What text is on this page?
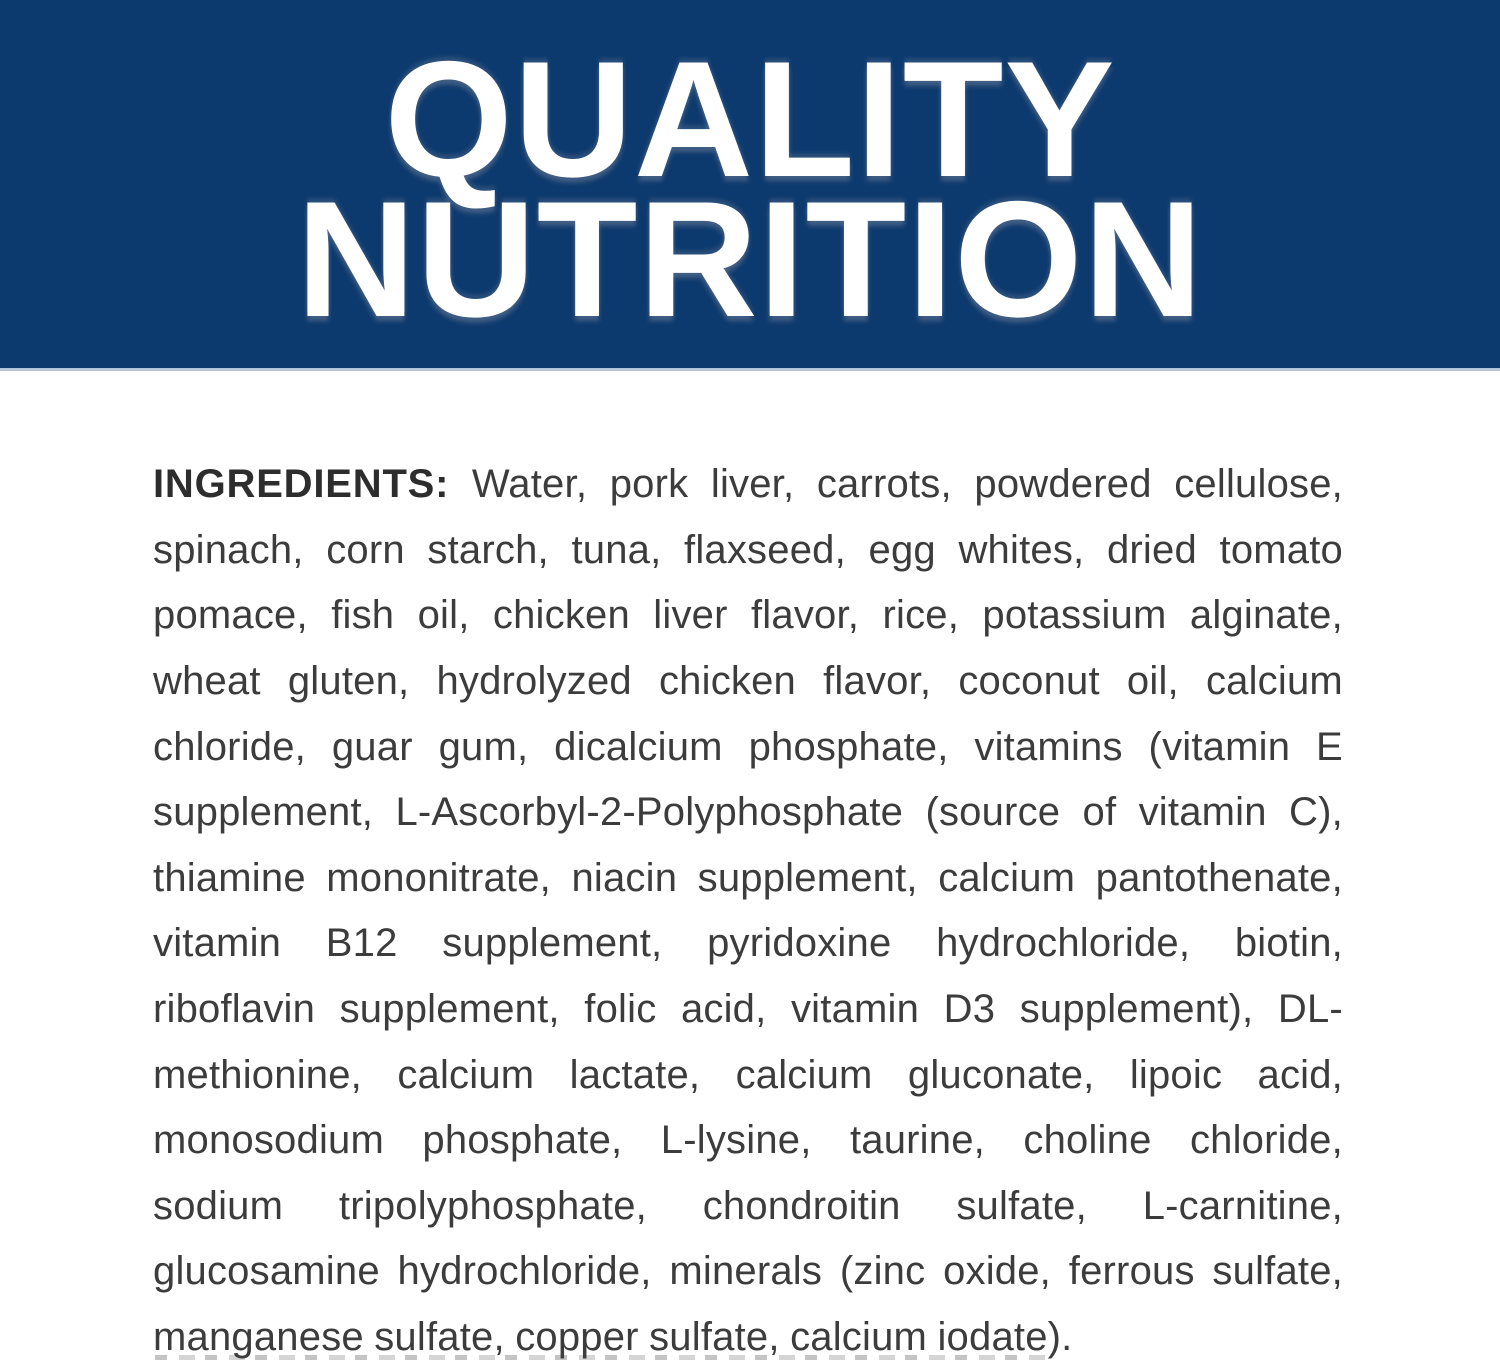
QUALITY
NUTRITION
INGREDIENTS: Water, pork liver, carrots, powdered cellulose,
spinach, corn starch, tuna, flaxseed, egg whites, dried tomato
pomace, fish oil, chicken liver flavor, rice, potassium alginate,
wheat gluten, hydrolyzed chicken flavor, coconut oil, calcium
chloride, guar gum, dicalcium phosphate, vitamins (vitamin E
supplement, L-Ascorbyl-2-Polyphosphate (source of vitamin C),
thiamine mononitrate, niacin supplement, calcium pantothenate,
vitamin B12 supplement, pyridoxine hydrochloride, biotin,
riboflavin supplement, folic acid, vitamin D3 supplement), DL-
methionine, calcium lactate, calcium gluconate, lipoic acid,
monosodium phosphate, L-lysine, taurine, choline chloride,
sodium tripolyphosphate, chondroitin sulfate, L-carnitine,
glucosamine hydrochloride, minerals (zinc oxide, ferrous sulfate,
manganese sulfate, copper sulfate, calcium iodate).
